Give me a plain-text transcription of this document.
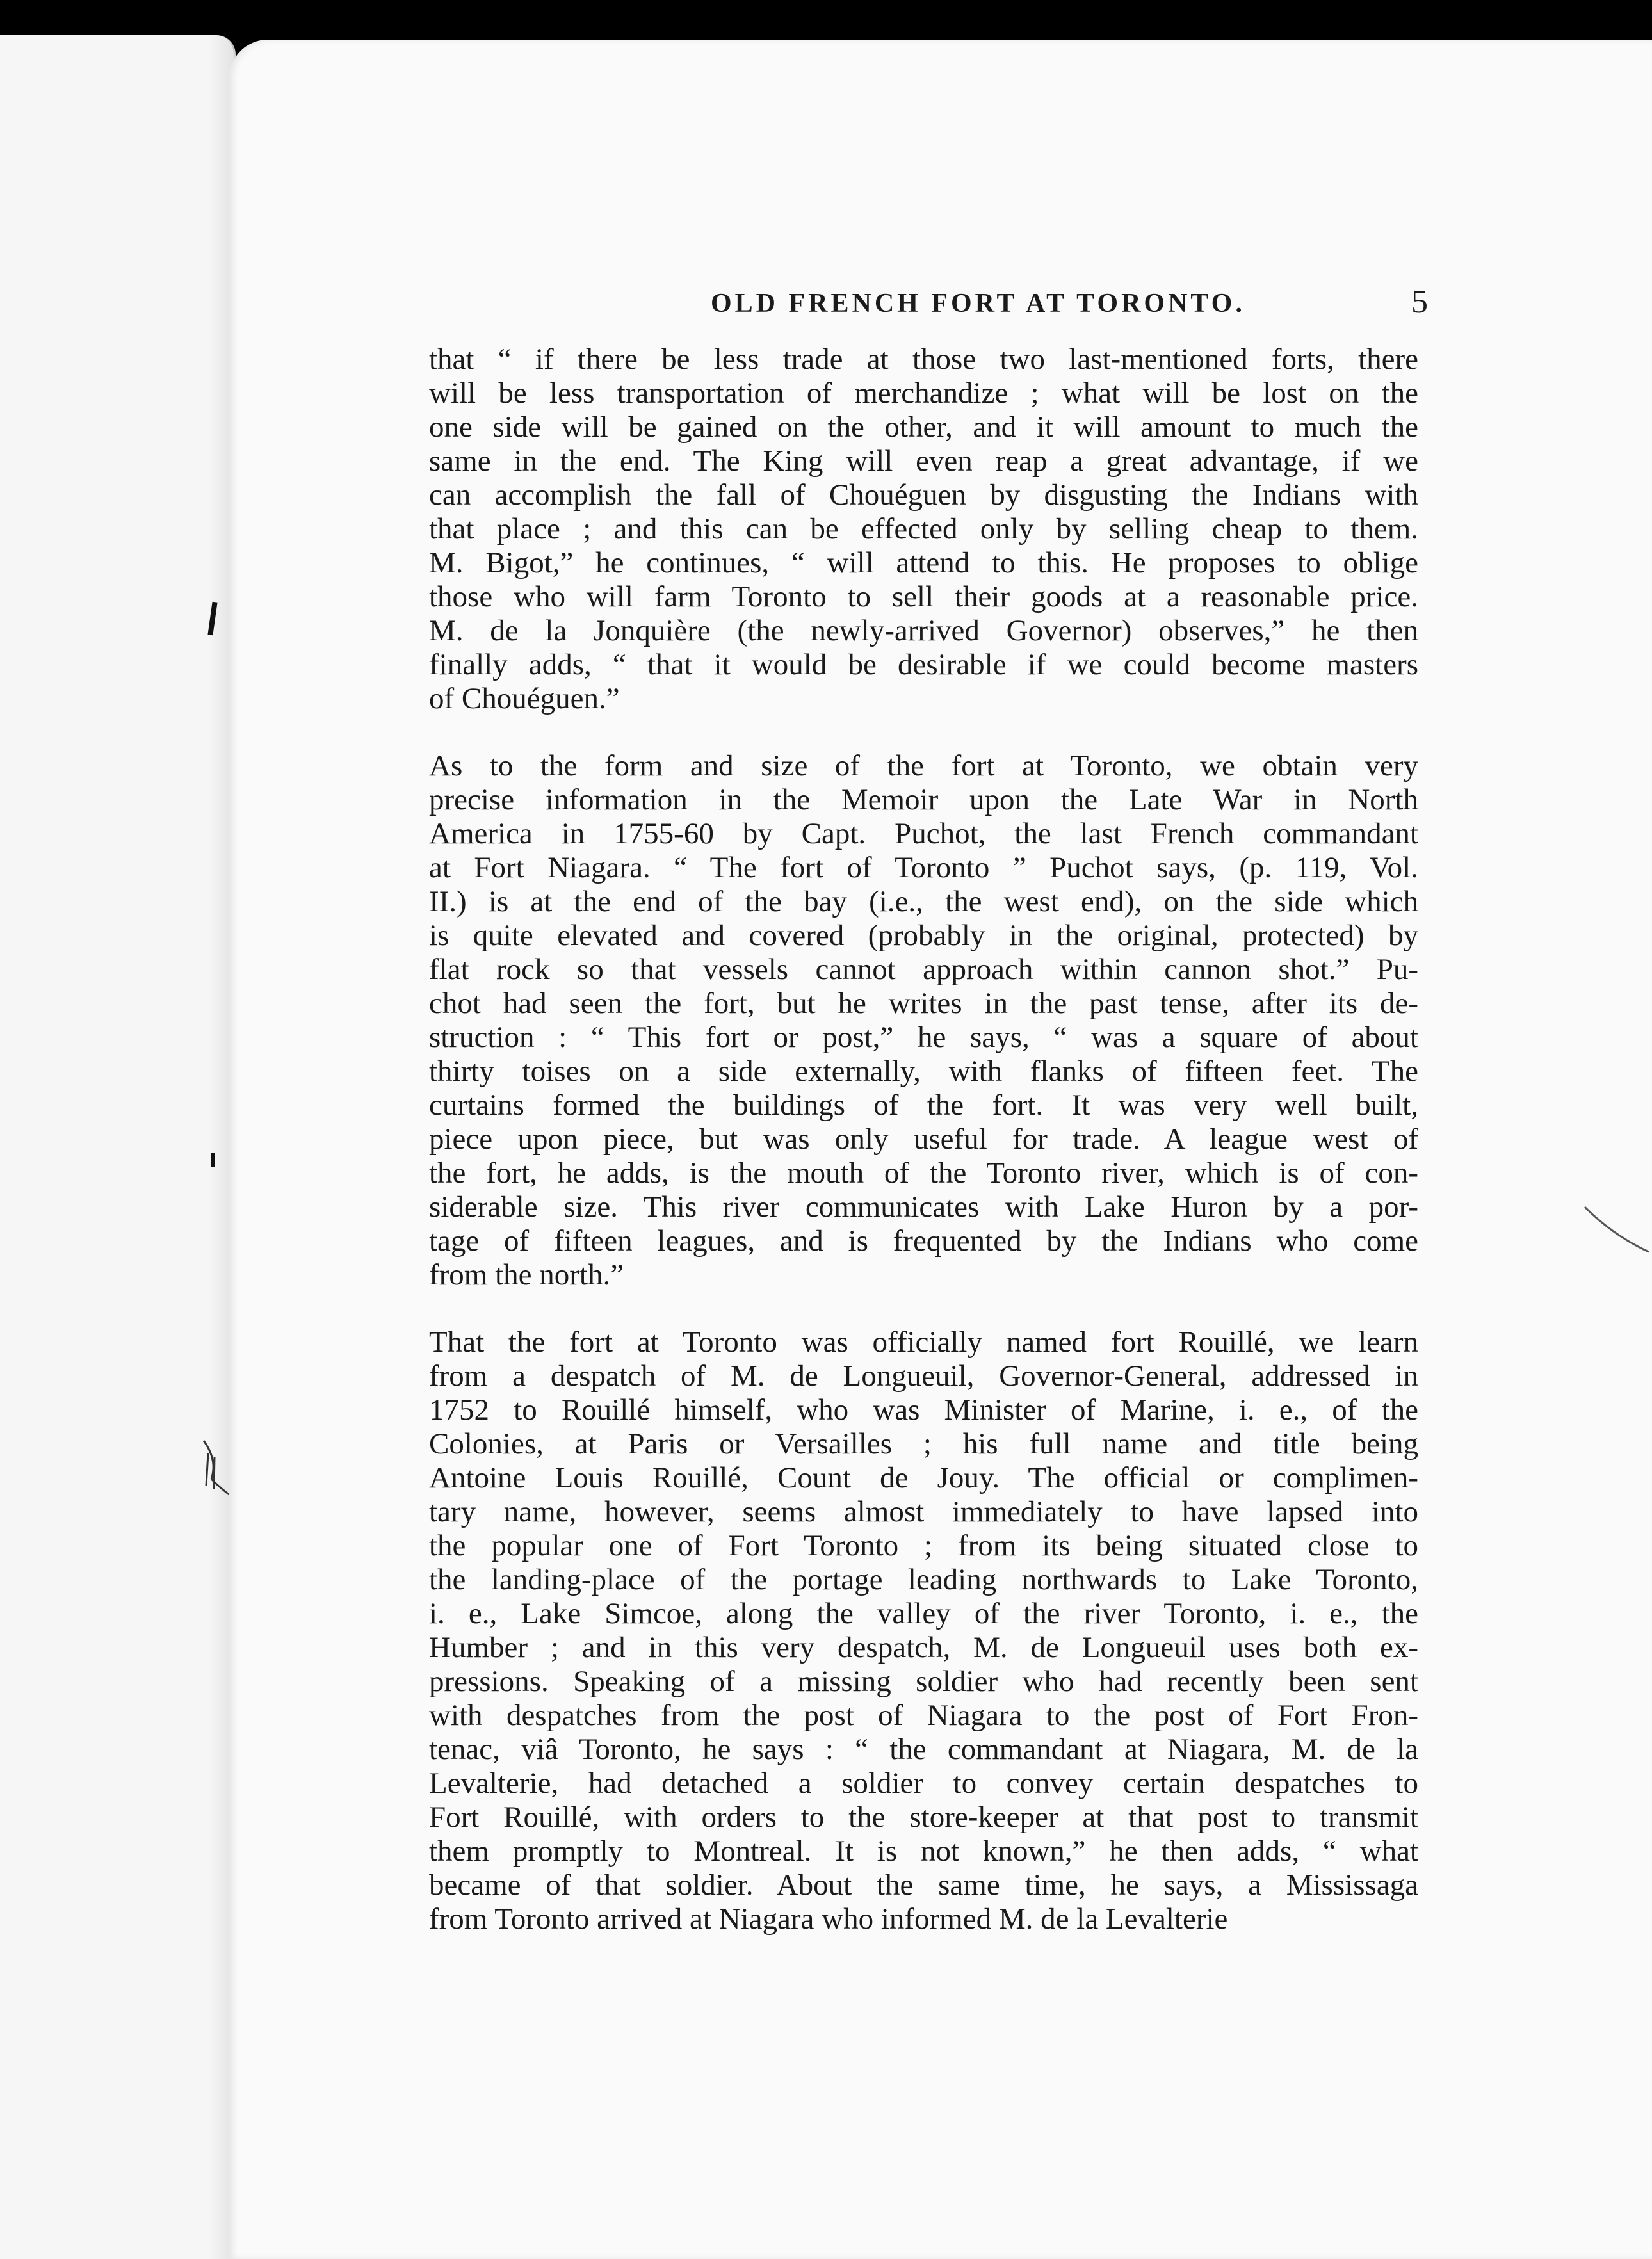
OLD FRENCH FORT AT TORONTO.	5
that “ if there be less trade at those two last-mentioned forts, there
will be less transportation of merchandize ; what will be lost on the
one side will be gained on the other, and it will amount to much the
same in the end. The King will even reap a great advantage, if we
can accomplish the fall of Chouéguen by disgusting the Indians with
that place ; and this can be effected only by selling cheap to them.
M. Bigot,” he continues, “ will attend to this. He proposes to oblige
those who will farm Toronto to sell their goods at a reasonable price.
M. de la Jonquière (the newly-arrived Governor) observes,” he then
finally adds, “ that it would be desirable if we could become masters
of Chouéguen.”
As to the form and size of the fort at Toronto, we obtain very
precise information in the Memoir upon the Late War in North
America in 1755-60 by Capt. Puchot, the last French commandant
at Fort Niagara. “ The fort of Toronto ” Puchot says, (p. 119, Vol.
II.) is at the end of the bay (i.e., the west end), on the side which
is quite elevated and covered (probably in the original, protected) by
flat rock so that vessels cannot approach within cannon shot.” Pu-
chot had seen the fort, but he writes in the past tense, after its de-
struction : “ This fort or post,” he says, “ was a square of about
thirty toises on a side externally, with flanks of fifteen feet. The
curtains formed the buildings of the fort. It was very well built,
piece upon piece, but was only useful for trade. A league west of
the fort, he adds, is the mouth of the Toronto river, which is of con-
siderable size. This river communicates with Lake Huron by a por-
tage of fifteen leagues, and is frequented by the Indians who come
from the north.”
That the fort at Toronto was officially named fort Rouillé, we learn
from a despatch of M. de Longueuil, Governor-General, addressed in
1752 to Rouillé himself, who was Minister of Marine, i. e., of the
Colonies, at Paris or Versailles ; his full name and title being
Antoine Louis Rouillé, Count de Jouy. The official or complimen-
tary name, however, seems almost immediately to have lapsed into
the popular one of Fort Toronto ; from its being situated close to
the landing-place of the portage leading northwards to Lake Toronto,
i. e., Lake Simcoe, along the valley of the river Toronto, i. e., the
Humber ; and in this very despatch, M. de Longueuil uses both ex-
pressions. Speaking of a missing soldier who had recently been sent
with despatches from the post of Niagara to the post of Fort Fron-
tenac, viâ Toronto, he says : “ the commandant at Niagara, M. de la
Levalterie, had detached a soldier to convey certain despatches to
Fort Rouillé, with orders to the store-keeper at that post to transmit
them promptly to Montreal. It is not known,” he then adds, “ what
became of that soldier. About the same time, he says, a Mississaga
from Toronto arrived at Niagara who informed M. de la Levalterie
